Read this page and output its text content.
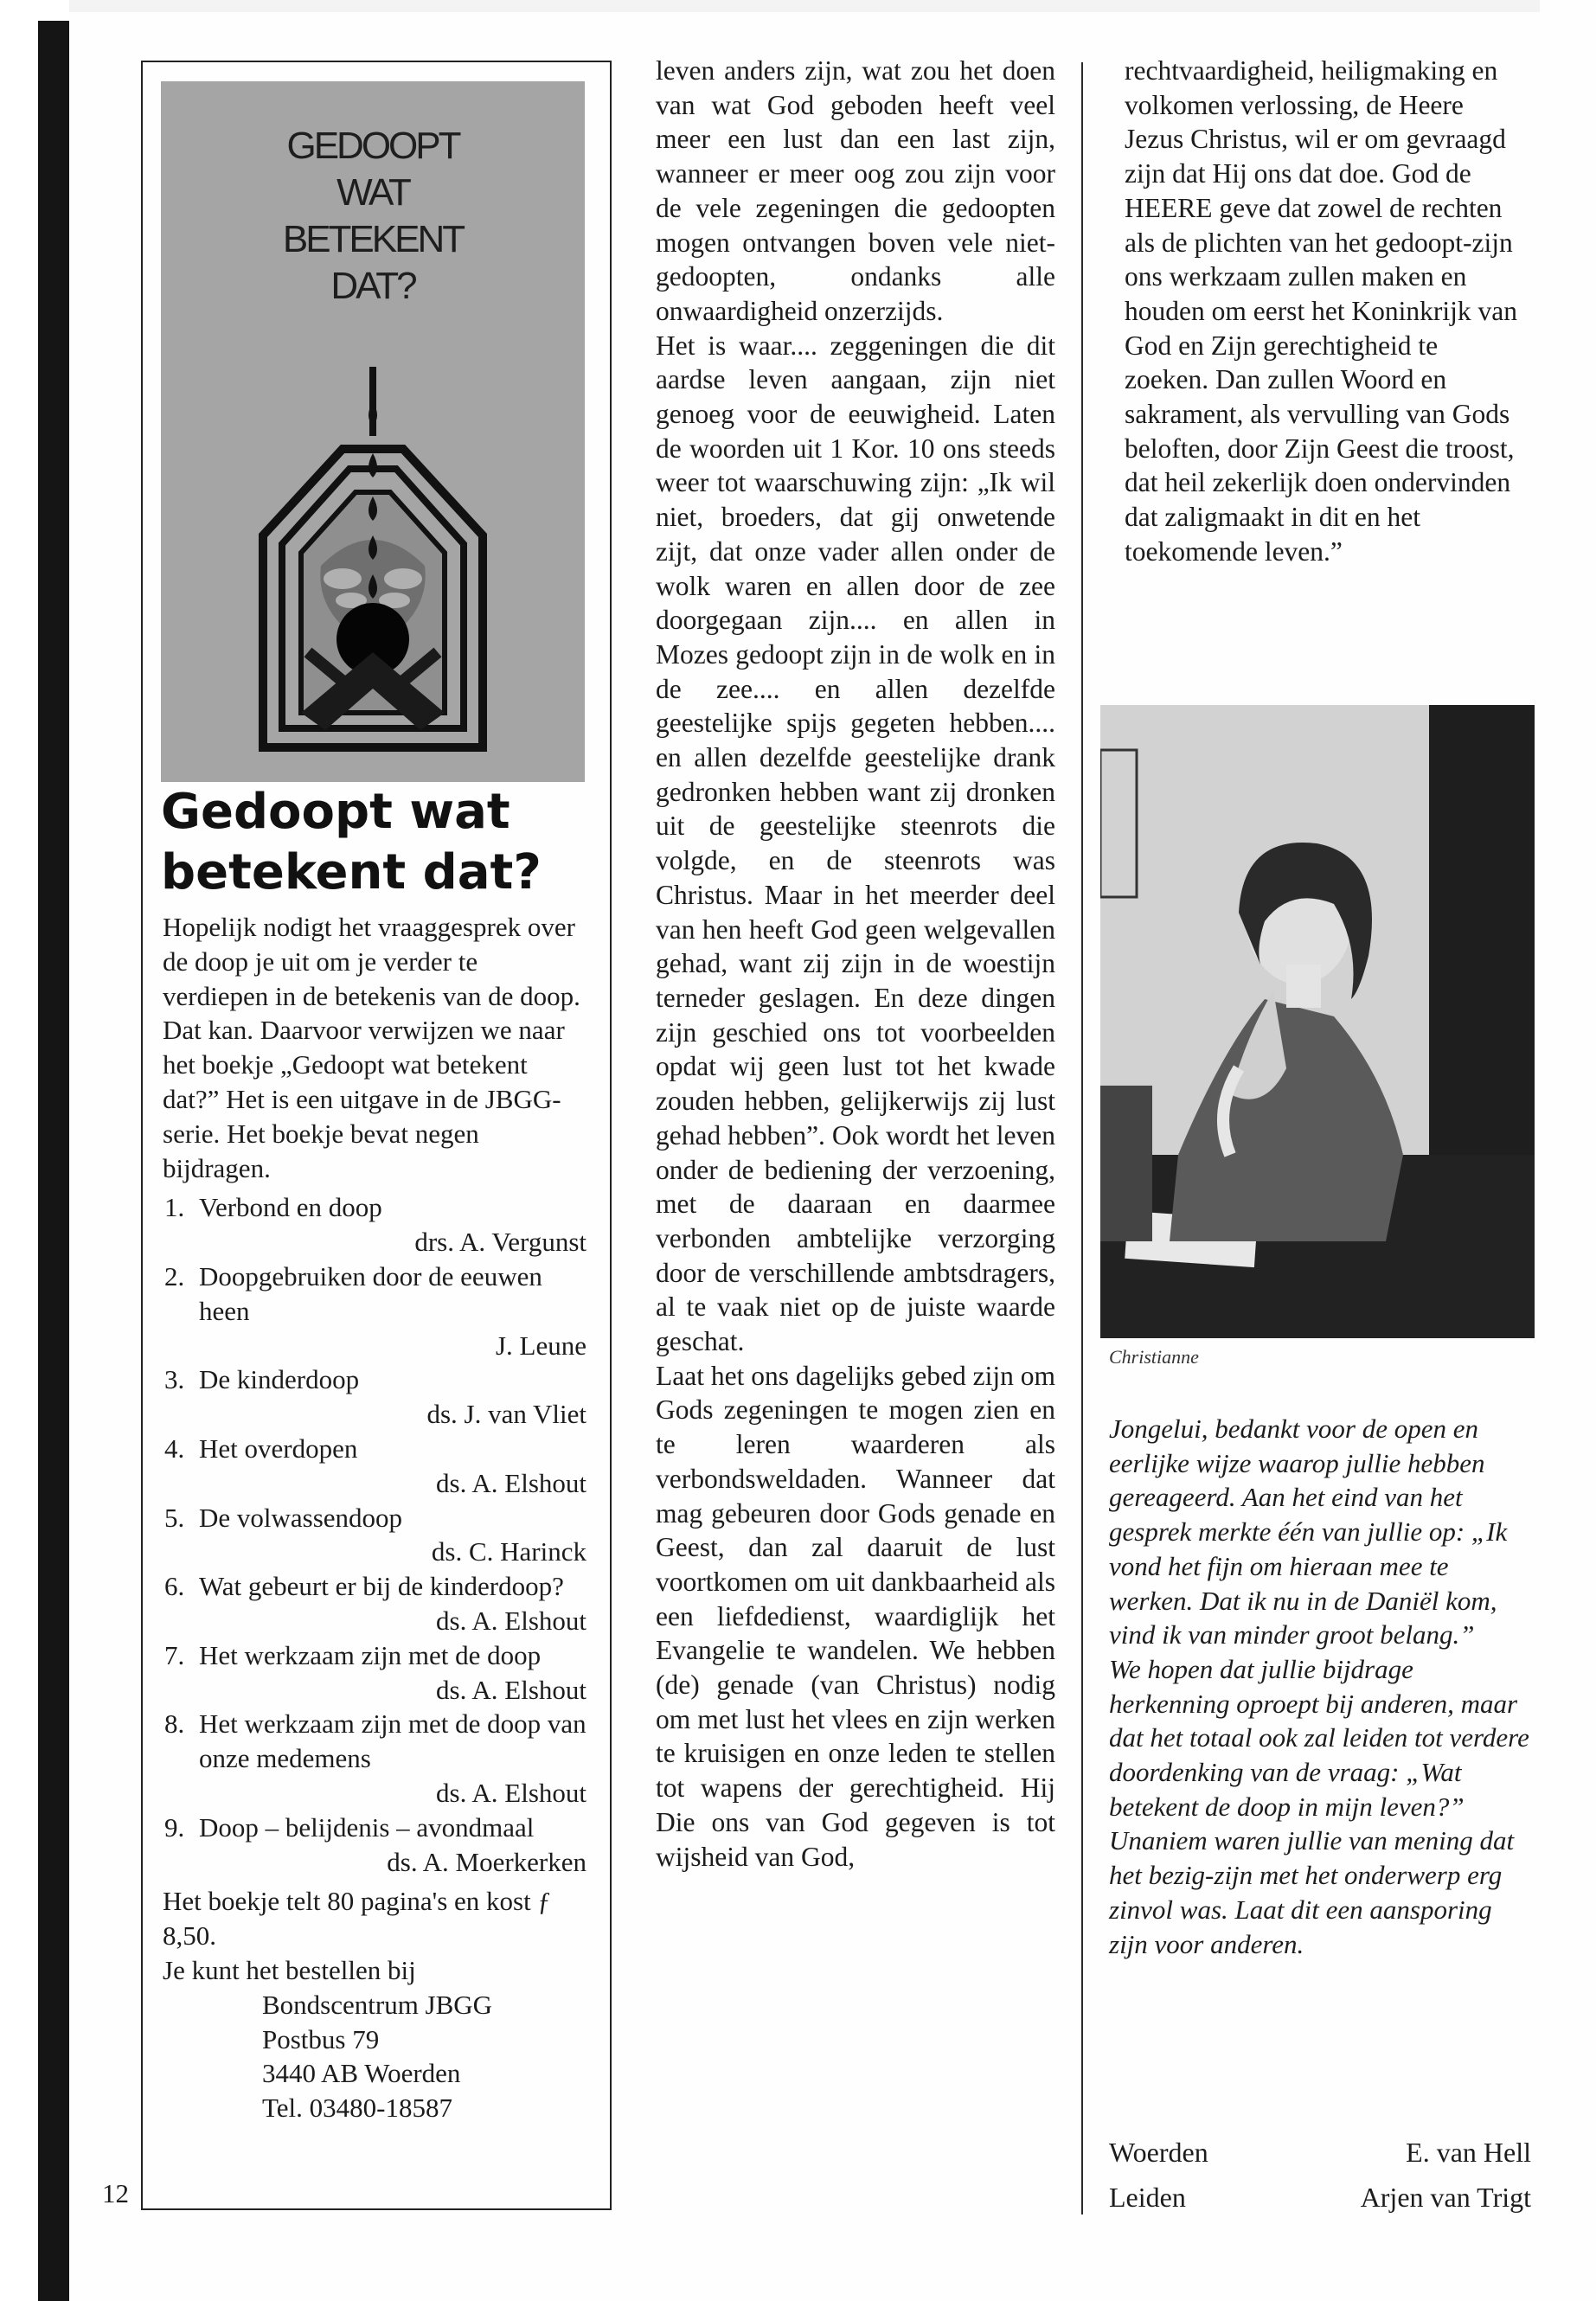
GEDOOPT
WAT
BETEKENT
DAT?
Gedoopt wat betekent dat?

Hopelijk nodigt het vraaggesprek over de doop je uit om je verder te verdiepen in de betekenis van de doop. Dat kan. Daarvoor verwijzen we naar het boekje „Gedoopt wat betekent dat?” Het is een uitgave in de JBGG-serie. Het boekje bevat negen bijdragen.

1. Verbond en doop
drs. A. Vergunst
2. Doopgebruiken door de eeuwen heen
J. Leune
3. De kinderdoop
ds. J. van Vliet
4. Het overdopen
ds. A. Elshout
5. De volwassendoop
ds. C. Harinck
6. Wat gebeurt er bij de kinderdoop?
ds. A. Elshout
7. Het werkzaam zijn met de doop
ds. A. Elshout
8. Het werkzaam zijn met de doop van onze medemens
ds. A. Elshout
9. Doop – belijdenis – avondmaal
ds. A. Moerkerken

Het boekje telt 80 pagina's en kost ƒ 8,50.

Je kunt het bestellen bij

Bondscentrum JBGG
Postbus 79
3440 AB Woerden
Tel. 03480-18587
12

leven anders zijn, wat zou het doen van wat God geboden heeft veel meer een lust dan een last zijn, wanneer er meer oog zou zijn voor de vele zegeningen die gedoopten mogen ontvangen boven vele niet-gedoopten, ondanks alle onwaardigheid onzerzijds.

Het is waar.... zeggeningen die dit aardse leven aangaan, zijn niet genoeg voor de eeuwigheid. Laten de woorden uit 1 Kor. 10 ons steeds weer tot waarschuwing zijn: „Ik wil niet, broeders, dat gij onwetende zijt, dat onze vader allen onder de wolk waren en allen door de zee doorgegaan zijn.... en allen in Mozes gedoopt zijn in de wolk en in de zee.... en allen dezelfde geestelijke spijs gegeten hebben.... en allen dezelfde geestelijke drank gedronken hebben want zij dronken uit de geestelijke steenrots die volgde, en de steenrots was Christus. Maar in het meerder deel van hen heeft God geen welgevallen gehad, want zij zijn in de woestijn terneder geslagen. En deze dingen zijn geschied ons tot voorbeelden opdat wij geen lust tot het kwade zouden hebben, gelijkerwijs zij lust gehad hebben”. Ook wordt het leven onder de bediening der verzoening, met de daaraan en daarmee verbonden ambtelijke verzorging door de verschillende ambtsdragers, al te vaak niet op de juiste waarde geschat.

Laat het ons dagelijks gebed zijn om Gods zegeningen te mogen zien en te leren waarderen als verbondsweldaden. Wanneer dat mag gebeuren door Gods genade en Geest, dan zal daaruit de lust voortkomen om uit dankbaarheid als een liefdedienst, waardiglijk het Evangelie te wandelen. We hebben (de) genade (van Christus) nodig om met lust het vlees en zijn werken te kruisigen en onze leden te stellen tot wapens der gerechtigheid. Hij Die ons van God gegeven is tot wijsheid van God,

rechtvaardigheid, heiligmaking en volkomen verlossing, de Heere Jezus Christus, wil er om gevraagd zijn dat Hij ons dat doe. God de HEERE geve dat zowel de rechten als de plichten van het gedoopt-zijn ons werkzaam zullen maken en houden om eerst het Koninkrijk van God en Zijn gerechtigheid te zoeken. Dan zullen Woord en sakrament, als vervulling van Gods beloften, door Zijn Geest die troost, dat heil zekerlijk doen ondervinden dat zaligmaakt in dit en het toekomende leven.”

Christianne

Jongelui, bedankt voor de open en eerlijke wijze waarop jullie hebben gereageerd. Aan het eind van het gesprek merkte één van jullie op: „Ik vond het fijn om hieraan mee te werken. Dat ik nu in de Daniël kom, vind ik van minder groot belang.”

We hopen dat jullie bijdrage herkenning oproept bij anderen, maar dat het totaal ook zal leiden tot verdere doordenking van de vraag: „Wat betekent de doop in mijn leven?”

Unaniem waren jullie van mening dat het bezig-zijn met het onderwerp erg zinvol was. Laat dit een aansporing zijn voor anderen.

Woerden	E. van Hell
Leiden	Arjen van Trigt
